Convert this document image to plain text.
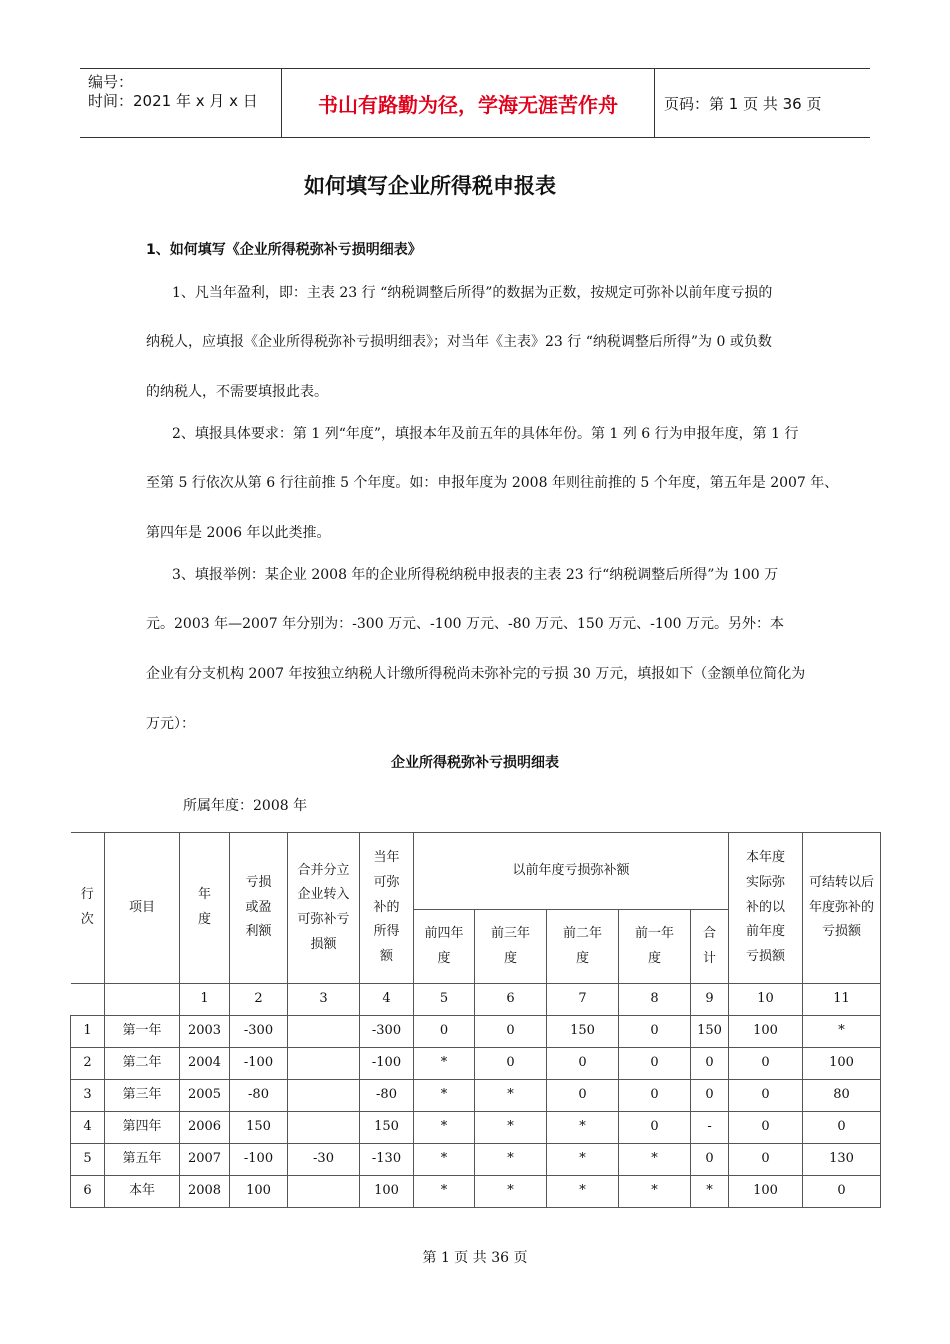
编号：
时间：2021 年 x 月 x 日	书山有路勤为径，学海无涯苦作舟	页码：第 1 页 共 36 页
如何填写企业所得税申报表
1、如何填写《企业所得税弥补亏损明细表》
1、凡当年盈利，即：主表 23 行 “纳税调整后所得”的数据为正数，按规定可弥补以前年度亏损的
纳税人，应填报《企业所得税弥补亏损明细表》；对当年《主表》23 行 “纳税调整后所得”为 0 或负数
的纳税人，不需要填报此表。
2、填报具体要求：第 1 列“年度”，填报本年及前五年的具体年份。第 1 列 6 行为申报年度，第 1 行
至第 5 行依次从第 6 行往前推 5 个年度。如：申报年度为 2008 年则往前推的 5 个年度，第五年是 2007 年、
第四年是 2006 年以此类推。
3、填报举例：某企业 2008 年的企业所得税纳税申报表的主表 23 行“纳税调整后所得”为 100 万
元。2003 年—2007 年分别为：-300 万元、-100 万元、-80 万元、150 万元、-100 万元。另外：本
企业有分支机构 2007 年按独立纳税人计缴所得税尚未弥补完的亏损 30 万元，填报如下（金额单位简化为
万元）：
企业所得税弥补亏损明细表
所属年度：2008 年
行次	项目	年度	亏损或盈利额	合并分立企业转入可弥补亏损额	当年可弥补的所得额	以前年度亏损弥补额					本年度实际弥补的以前年度亏损额	可结转以后年度弥补的亏损额
						前四年度	前三年度	前二年度	前一年度	合计		
		1	2	3	4	5	6	7	8	9	10	11
1	第一年	2003	-300		-300	0	0	150	0	150	100	*
2	第二年	2004	-100		-100	*	0	0	0	0	0	100
3	第三年	2005	-80		-80	*	*	0	0	0	0	80
4	第四年	2006	150		150	*	*	*	0	-	0	0
5	第五年	2007	-100	-30	-130	*	*	*	*	0	0	130
6	本年	2008	100		100	*	*	*	*	*	100	0
第 1 页 共 36 页
